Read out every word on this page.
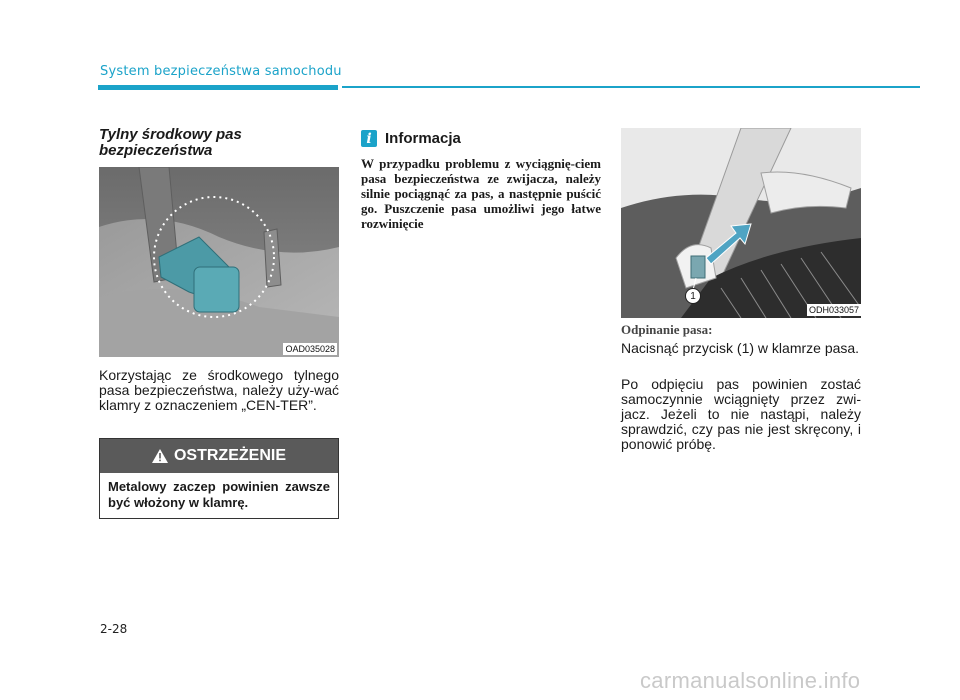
System bezpieczeństwa samochodu
Tylny środkowy pas bezpieczeństwa
OAD035028

Korzystając ze środkowego tylnego pasa bezpieczeństwa, należy uży-wać klamry z oznaczeniem „CEN-TER”.

OSTRZEŻENIE
Metalowy zaczep powinien zawsze być włożony w klamrę.
i Informacja

W przypadku problemu z wyciągnię-ciem pasa bezpieczeństwa ze zwijacza, należy silnie pociągnąć za pas, a następnie puścić go. Puszczenie pasa umożliwi jego łatwe rozwinięcie

1
ODH033057
Odpinanie pasa:

Nacisnąć przycisk (1) w klamrze pasa.

Po odpięciu pas powinien zostać samoczynnie wciągnięty przez zwi-jacz. Jeżeli to nie nastąpi, należy sprawdzić, czy pas nie jest skręcony, i ponowić próbę.

2-28
carmanualsonline.info
